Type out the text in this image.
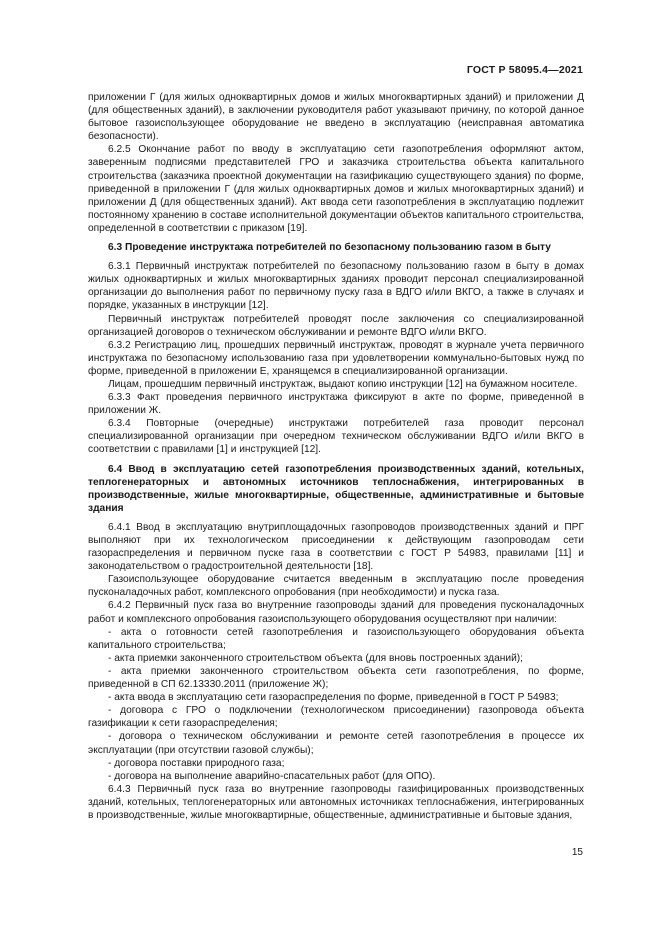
ГОСТ Р 58095.4—2021

приложении Г (для жилых одноквартирных домов и жилых многоквартирных зданий) и приложении Д (для общественных зданий), в заключении руководителя работ указывают причину, по которой данное бытовое газоиспользующее оборудование не введено в эксплуатацию (неисправная автоматика безопасности).

6.2.5 Окончание работ по вводу в эксплуатацию сети газопотребления оформляют актом, заверенным подписями представителей ГРО и заказчика строительства объекта капитального строительства (заказчика проектной документации на газификацию существующего здания) по форме, приведенной в приложении Г (для жилых одноквартирных домов и жилых многоквартирных зданий) и приложении Д (для общественных зданий). Акт ввода сети газопотребления в эксплуатацию подлежит постоянному хранению в составе исполнительной документации объектов капитального строительства, определенной в соответствии с приказом [19].

6.3 Проведение инструктажа потребителей по безопасному пользованию газом в быту

6.3.1 Первичный инструктаж потребителей по безопасному пользованию газом в быту в домах жилых одноквартирных и жилых многоквартирных зданиях проводит персонал специализированной организации до выполнения работ по первичному пуску газа в ВДГО и/или ВКГО, а также в случаях и порядке, указанных в инструкции [12].

Первичный инструктаж потребителей проводят после заключения со специализированной организацией договоров о техническом обслуживании и ремонте ВДГО и/или ВКГО.

6.3.2 Регистрацию лиц, прошедших первичный инструктаж, проводят в журнале учета первичного инструктажа по безопасному использованию газа при удовлетворении коммунально-бытовых нужд по форме, приведенной в приложении Е, хранящемся в специализированной организации.

Лицам, прошедшим первичный инструктаж, выдают копию инструкции [12] на бумажном носителе.

6.3.3 Факт проведения первичного инструктажа фиксируют в акте по форме, приведенной в приложении Ж.

6.3.4 Повторные (очередные) инструктажи потребителей газа проводит персонал специализированной организации при очередном техническом обслуживании ВДГО и/или ВКГО в соответствии с правилами [1] и инструкцией [12].

6.4 Ввод в эксплуатацию сетей газопотребления производственных зданий, котельных, теплогенераторных и автономных источников теплоснабжения, интегрированных в производственные, жилые многоквартирные, общественные, административные и бытовые здания

6.4.1 Ввод в эксплуатацию внутриплощадочных газопроводов производственных зданий и ПРГ выполняют при их технологическом присоединении к действующим газопроводам сети газораспределения и первичном пуске газа в соответствии с ГОСТ Р 54983, правилами [11] и законодательством о градостроительной деятельности [18].

Газоиспользующее оборудование считается введенным в эксплуатацию после проведения пусконаладочных работ, комплексного опробования (при необходимости) и пуска газа.

6.4.2 Первичный пуск газа во внутренние газопроводы зданий для проведения пусконаладочных работ и комплексного опробования газоиспользующего оборудования осуществляют при наличии:

- акта о готовности сетей газопотребления и газоиспользующего оборудования объекта капитального строительства;

- акта приемки законченного строительством объекта (для вновь построенных зданий);

- акта приемки законченного строительством объекта сети газопотребления, по форме, приведенной в СП 62.13330.2011 (приложение Ж);

- акта ввода в эксплуатацию сети газораспределения по форме, приведенной в ГОСТ Р 54983;

- договора с ГРО о подключении (технологическом присоединении) газопровода объекта газификации к сети газораспределения;

- договора о техническом обслуживании и ремонте сетей газопотребления в процессе их эксплуатации (при отсутствии газовой службы);

- договора поставки природного газа;

- договора на выполнение аварийно-спасательных работ (для ОПО).

6.4.3 Первичный пуск газа во внутренние газопроводы газифицированных производственных зданий, котельных, теплогенераторных или автономных источниках теплоснабжения, интегрированных в производственные, жилые многоквартирные, общественные, административные и бытовые здания,

15
